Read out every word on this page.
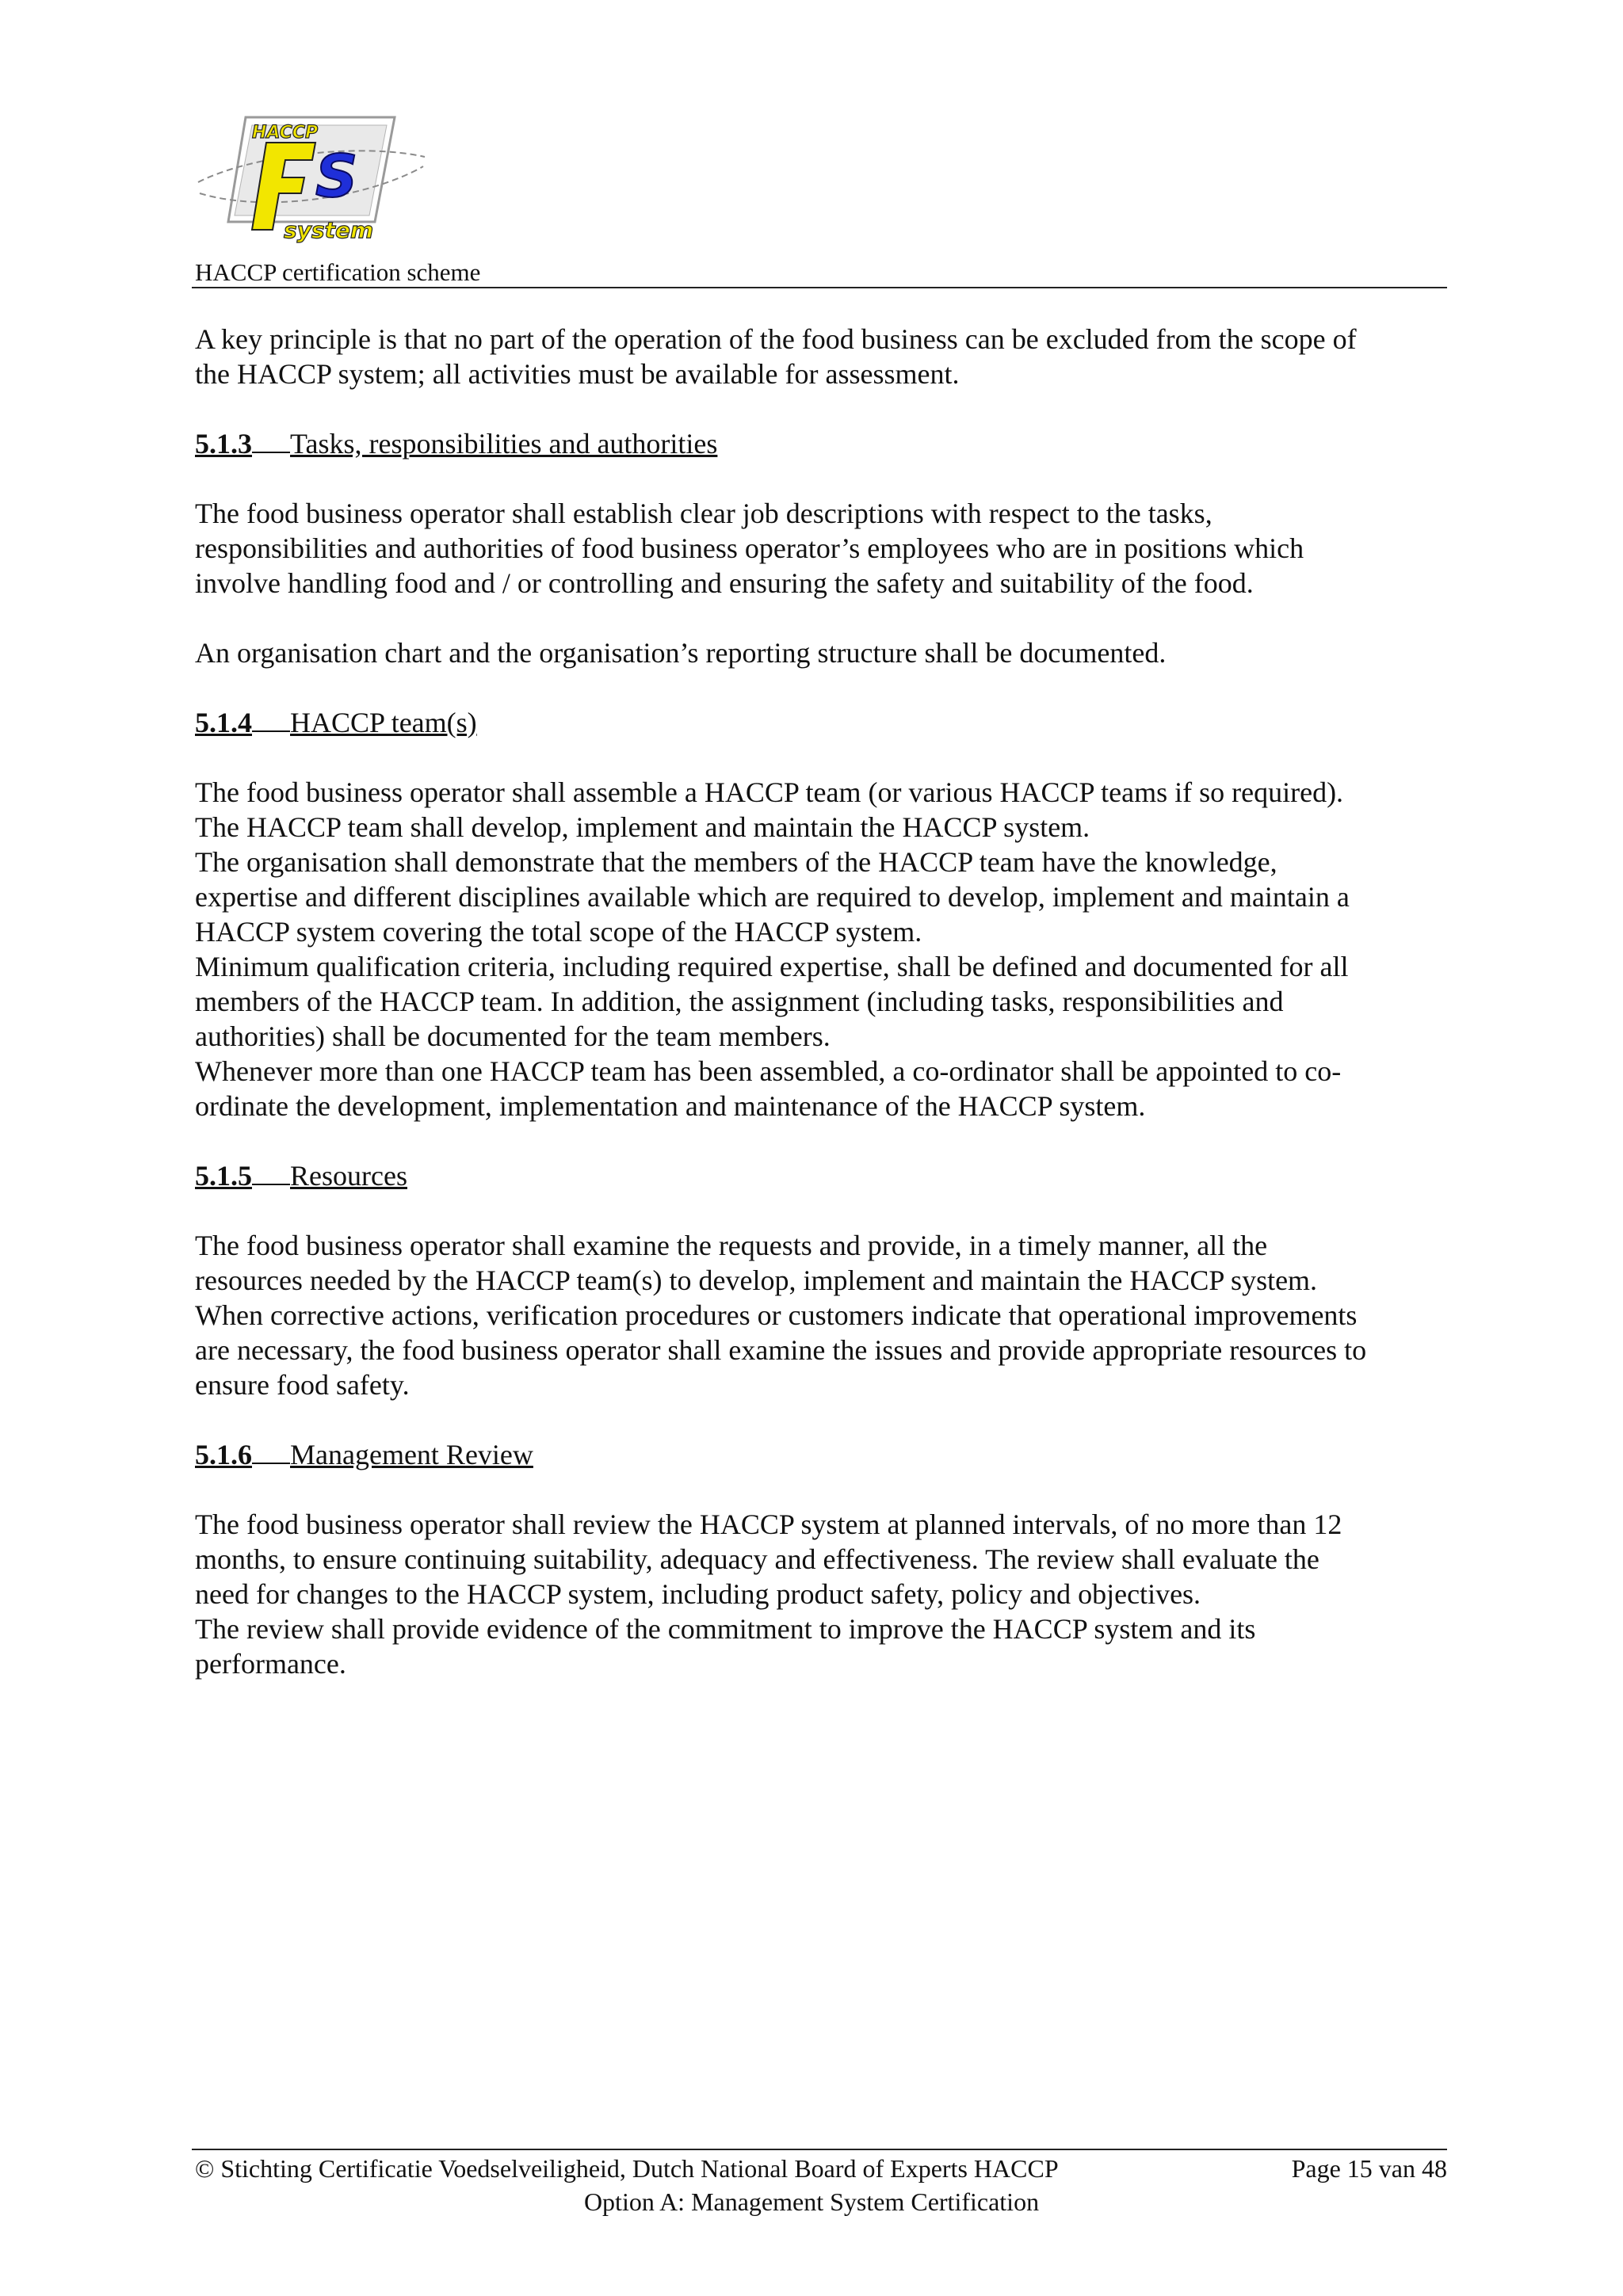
S
HACCP
system
HACCP certification scheme

A key principle is that no part of the operation of the food business can be excluded from the scope of
the HACCP system; all activities must be available for assessment.

5.1.3 Tasks, responsibilities and authorities

The food business operator shall establish clear job descriptions with respect to the tasks,
responsibilities and authorities of food business operator’s employees who are in positions which
involve handling food and / or controlling and ensuring the safety and suitability of the food.

An organisation chart and the organisation’s reporting structure shall be documented.

5.1.4 HACCP team(s)

The food business operator shall assemble a HACCP team (or various HACCP teams if so required).
The HACCP team shall develop, implement and maintain the HACCP system.
The organisation shall demonstrate that the members of the HACCP team have the knowledge,
expertise and different disciplines available which are required to develop, implement and maintain a
HACCP system covering the total scope of the HACCP system.
Minimum qualification criteria, including required expertise, shall be defined and documented for all
members of the HACCP team. In addition, the assignment (including tasks, responsibilities and
authorities) shall be documented for the team members.
Whenever more than one HACCP team has been assembled, a co-ordinator shall be appointed to co-
ordinate the development, implementation and maintenance of the HACCP system.

5.1.5 Resources

The food business operator shall examine the requests and provide, in a timely manner, all the
resources needed by the HACCP team(s) to develop, implement and maintain the HACCP system.
When corrective actions, verification procedures or customers indicate that operational improvements
are necessary, the food business operator shall examine the issues and provide appropriate resources to
ensure food safety.

5.1.6 Management Review

The food business operator shall review the HACCP system at planned intervals, of no more than 12
months, to ensure continuing suitability, adequacy and effectiveness. The review shall evaluate the
need for changes to the HACCP system, including product safety, policy and objectives.
The review shall provide evidence of the commitment to improve the HACCP system and its
performance.

© Stichting Certificatie Voedselveiligheid, Dutch National Board of Experts HACCP	Page 15 van 48
Option A: Management System Certification
